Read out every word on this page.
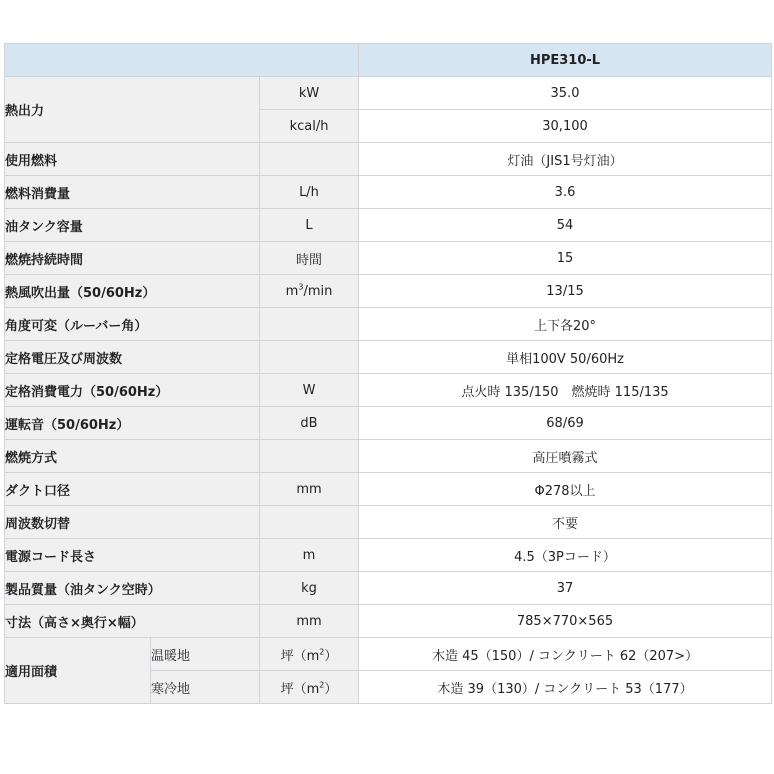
			HPE310-L
熱出力		kW	35.0
		kcal/h	30,100
使用燃料			灯油（JIS1号灯油）
燃料消費量		L/h	3.6
油タンク容量		L	54
燃焼持続時間		時間	15
熱風吹出量（50/60Hz）		$m^3/\min$	13/15
角度可変（ルーバー角）			上下各20°
定格電圧及び周波数			単相100V 50/60Hz
定格消費電力（50/60Hz）		W	点火時 135/150　燃焼時 115/135
運転音（50/60Hz）		dB	68/69
燃焼方式			高圧噴霧式
ダクト口径		mm	Φ278以上
周波数切替			不要
電源コード長さ		m	4.5（3Pコード）
製品質量（油タンク空時）		kg	37
寸法（高さ×奥行×幅）		mm	785×770×565
適用面積	温暖地	坪$(m^2)$	木造 45（150）/ コンクリート 62（207>）
	寒冷地	坪$(m^2)$	木造 39（130）/ コンクリート 53（177）
